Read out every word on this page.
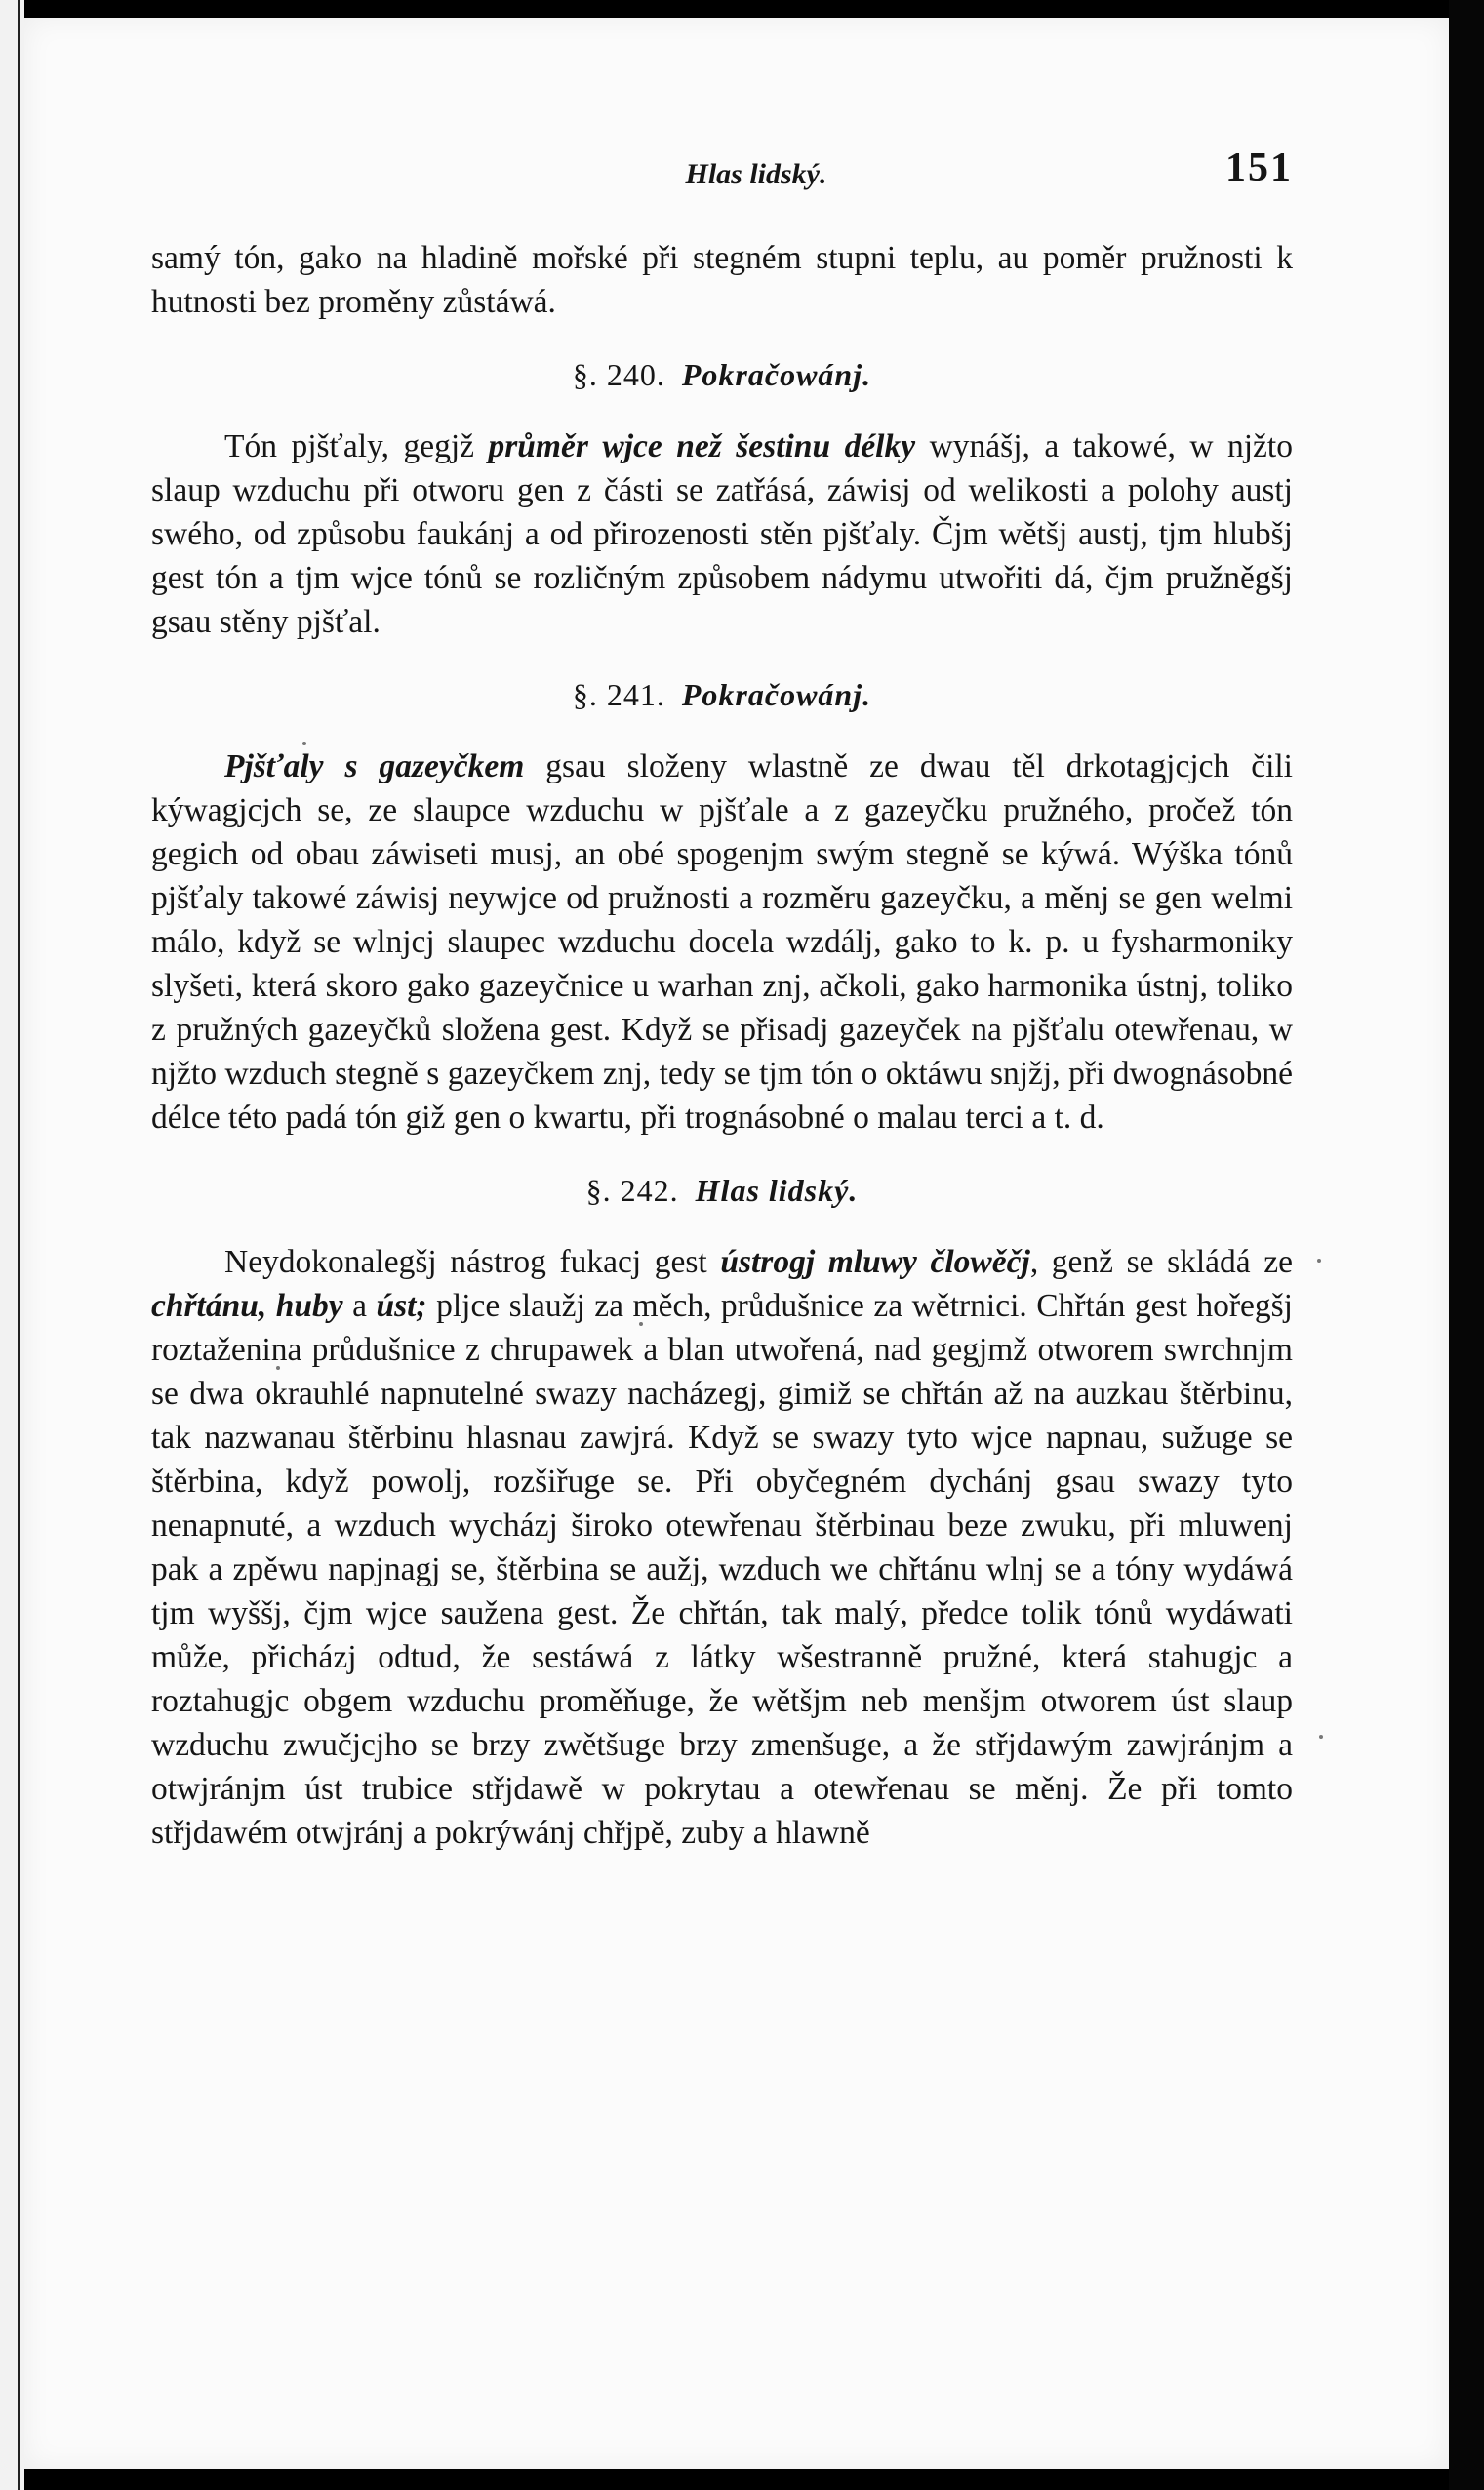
Hlas lidský.	151

samý tón, gako na hladině mořské při stegném stupni teplu, au poměr pružnosti k hutnosti bez proměny zůstáwá.

§. 240. Pokračowánj.

Tón pjšťaly, gegjž průměr wjce než šestinu délky wynášj, a takowé, w njžto slaup wzduchu při otworu gen z části se zatřásá, záwisj od welikosti a polohy austj swého, od způsobu faukánj a od přirozenosti stěn pjšťaly. Čjm wětšj austj, tjm hlubšj gest tón a tjm wjce tónů se rozličným způsobem nádymu utwořiti dá, čjm pružněgšj gsau stěny pjšťal.

§. 241. Pokračowánj.

Pjšťaly s gazeyčkem gsau složeny wlastně ze dwau těl drkotagjcjch čili kýwagjcjch se, ze slaupce wzduchu w pjšťale a z gazeyčku pružného, pročež tón gegich od obau záwiseti musj, an obé spogenjm swým stegně se kýwá. Wýška tónů pjšťaly takowé záwisj neywjce od pružnosti a rozměru gazeyčku, a měnj se gen welmi málo, když se wlnjcj slaupec wzduchu docela wzdálj, gako to k. p. u fysharmoniky slyšeti, která skoro gako gazeyčnice u warhan znj, ačkoli, gako harmonika ústnj, toliko z pružných gazeyčků složena gest. Když se přisadj gazeyček na pjšťalu otewřenau, w njžto wzduch stegně s gazeyčkem znj, tedy se tjm tón o oktáwu snjžj, při dwognásobné délce této padá tón giž gen o kwartu, při trognásobné o malau terci a t. d.

§. 242. Hlas lidský.

Neydokonalegšj nástrog fukacj gest ústrogj mluwy člowěčj, genž se skládá ze chřtánu, huby a úst; pljce slaužj za měch, průdušnice za wětrnici. Chřtán gest hořegšj roztaženina průdušnice z chrupawek a blan utwořená, nad gegjmž otworem swrchnjm se dwa okrauhlé napnutelné swazy nacházegj, gimiž se chřtán až na auzkau štěrbinu, tak nazwanau štěrbinu hlasnau zawjrá. Když se swazy tyto wjce napnau, sužuge se štěrbina, když powolj, rozšiřuge se. Při obyčegném dychánj gsau swazy tyto nenapnuté, a wzduch wycházj široko otewřenau štěrbinau beze zwuku, při mluwenj pak a zpěwu napjnagj se, štěrbina se aužj, wzduch we chřtánu wlnj se a tóny wydáwá tjm wyššj, čjm wjce saužena gest. Že chřtán, tak malý, předce tolik tónů wydáwati může, přicházj odtud, že sestáwá z látky wšestranně pružné, která stahugjc a roztahugjc obgem wzduchu proměňuge, že wětšjm neb menšjm otworem úst slaup wzduchu zwučjcjho se brzy zwětšuge brzy zmenšuge, a že střjdawým zawjránjm a otwjránjm úst trubice střjdawě w pokrytau a otewřenau se měnj. Že při tomto střjdawém otwjránj a pokrýwánj chřjpě, zuby a hlawně
